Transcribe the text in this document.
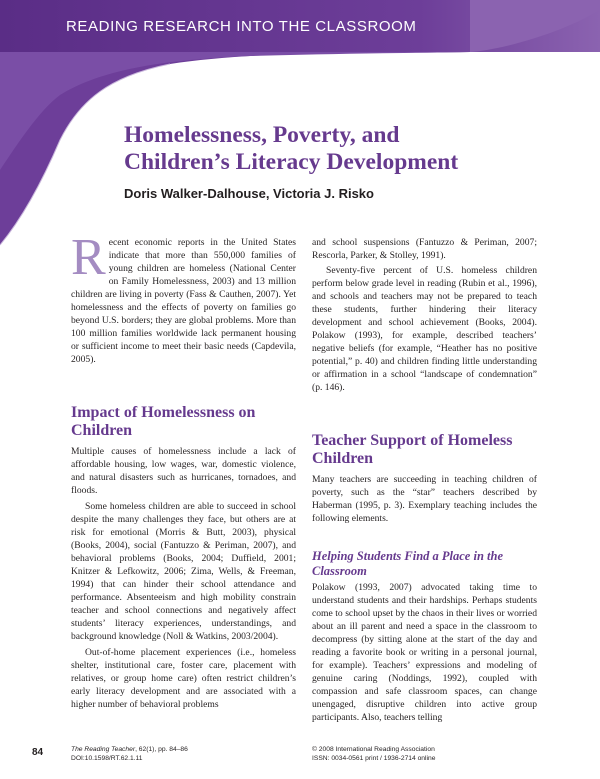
READING RESEARCH INTO THE CLASSROOM
Homelessness, Poverty, and
Children’s Literacy Development
Doris Walker-Dalhouse, Victoria J. Risko

Recent economic reports in the United States indicate that more than 550,000 families of young children are homeless (National Center on Family Homelessness, 2003) and 13 million children are living in poverty (Fass & Cauthen, 2007). Yet homelessness and the effects of poverty on families go beyond U.S. borders; they are global problems. More than 100 million families worldwide lack permanent housing or sufficient income to meet their basic needs (Capdevila, 2005).

Impact of Homelessness on Children

Multiple causes of homelessness include a lack of affordable housing, low wages, war, domestic violence, and natural disasters such as hurricanes, tornadoes, and floods.

Some homeless children are able to succeed in school despite the many challenges they face, but others are at risk for emotional (Morris & Butt, 2003), physical (Books, 2004), social (Fantuzzo & Periman, 2007), and behavioral problems (Books, 2004; Duffield, 2001; Knitzer & Lefkowitz, 2006; Zima, Wells, & Freeman, 1994) that can hinder their school attendance and performance. Absenteeism and high mobility constrain teacher and school connections and negatively affect students’ literacy experiences, understandings, and background knowledge (Noll & Watkins, 2003/2004).

Out-of-home placement experiences (i.e., homeless shelter, institutional care, foster care, placement with relatives, or group home care) often restrict children’s early literacy development and are associated with a higher number of behavioral problems

and school suspensions (Fantuzzo & Periman, 2007; Rescorla, Parker, & Stolley, 1991).

Seventy-five percent of U.S. homeless children perform below grade level in reading (Rubin et al., 1996), and schools and teachers may not be prepared to teach these students, further hindering their literacy development and school achievement (Books, 2004). Polakow (1993), for example, described teachers’ negative beliefs (for example, “Heather has no positive potential,” p. 40) and children finding little understanding or affirmation in a school “landscape of condemnation” (p. 146).

Teacher Support of Homeless Children

Many teachers are succeeding in teaching children of poverty, such as the “star” teachers described by Haberman (1995, p. 3). Exemplary teaching includes the following elements.

Helping Students Find a Place in the Classroom

Polakow (1993, 2007) advocated taking time to understand students and their hardships. Perhaps students come to school upset by the chaos in their lives or worried about an ill parent and need a space in the classroom to decompress (by sitting alone at the start of the day and reading a favorite book or writing in a personal journal, for example). Teachers’ expressions and modeling of genuine caring (Noddings, 1992), coupled with compassion and safe classroom spaces, can change unengaged, disruptive children into active group participants. Also, teachers telling

84	The Reading Teacher, 62(1), pp. 84–86
DOI:10.1598/RT.62.1.11
© 2008 International Reading Association
ISSN: 0034-0561 print / 1936-2714 online
